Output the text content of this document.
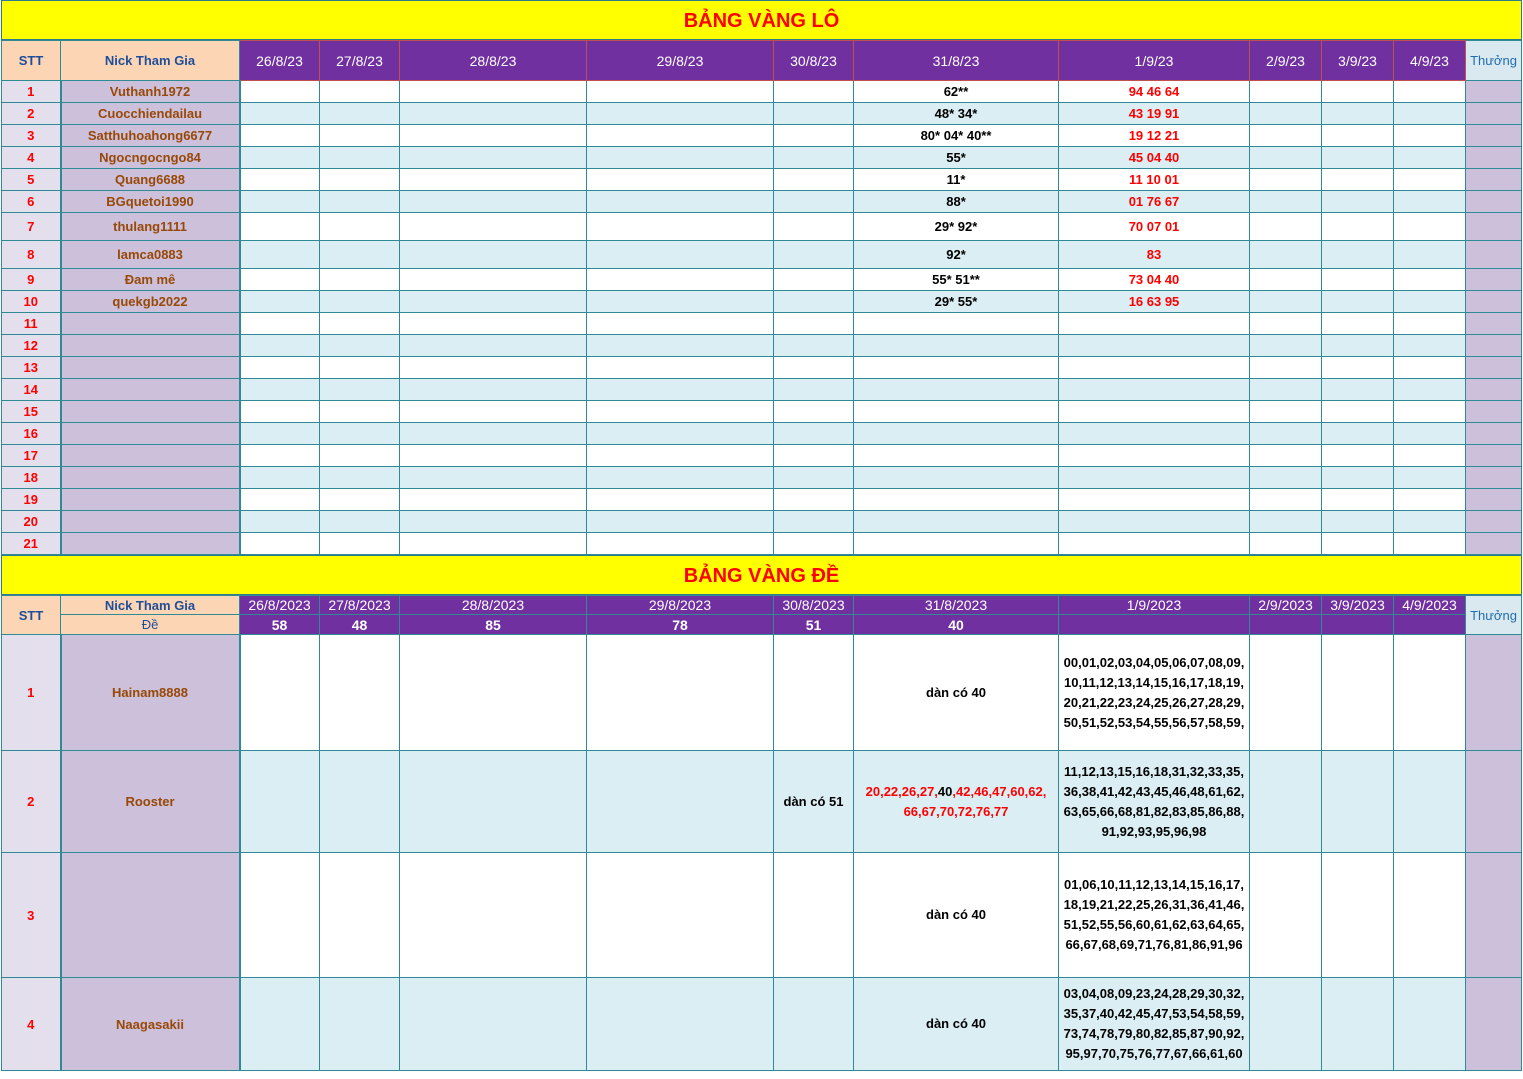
BẢNG VÀNG LÔ
STT	Nick Tham Gia	26/8/23	27/8/23	28/8/23	29/8/23	30/8/23	31/8/23	1/9/23	2/9/23	3/9/23	4/9/23	Thưởng
1	Vuthanh1972						62**	94 46 64				
2	Cuocchiendailau						48* 34*	43 19 91				
3	Satthuhoahong6677						80* 04* 40**	19 12 21				
4	Ngocngocngo84						55*	45 04 40				
5	Quang6688						11*	11 10 01				
6	BGquetoi1990						88*	01 76 67				
7	thulang1111						29* 92*	70 07 01				
8	lamca0883						92*	83				
9	Đam mê						55* 51**	73 04 40				
10	quekgb2022						29* 55*	16 63 95				
11												
12												
13												
14												
15												
16												
17												
18												
19												
20												
21												
BẢNG VÀNG ĐỀ
STT	Nick Tham Gia	26/8/2023	27/8/2023	28/8/2023	29/8/2023	30/8/2023	31/8/2023	1/9/2023	2/9/2023	3/9/2023	4/9/2023	Thưởng
	Đề	58	48	85	78	51	40					
1	Hainam8888						dàn có 40	00,01,02,03,04,05,06,07,08,09,
10,11,12,13,14,15,16,17,18,19,
20,21,22,23,24,25,26,27,28,29,
50,51,52,53,54,55,56,57,58,59,				

2	Rooster					dàn có 51	20,22,26,27,40,42,46,47,60,62,
66,67,70,72,76,77	11,12,13,15,16,18,31,32,33,35,
36,38,41,42,43,45,46,48,61,62,
63,65,66,68,81,82,83,85,86,88,
91,92,93,95,96,98				

3							dàn có 40	01,06,10,11,12,13,14,15,16,17,
18,19,21,22,25,26,31,36,41,46,
51,52,55,56,60,61,62,63,64,65,
66,67,68,69,71,76,81,86,91,96				

4	Naagasakii						dàn có 40	03,04,08,09,23,24,28,29,30,32,
35,37,40,42,45,47,53,54,58,59,
73,74,78,79,80,82,85,87,90,92,
95,97,70,75,76,77,67,66,61,60				
